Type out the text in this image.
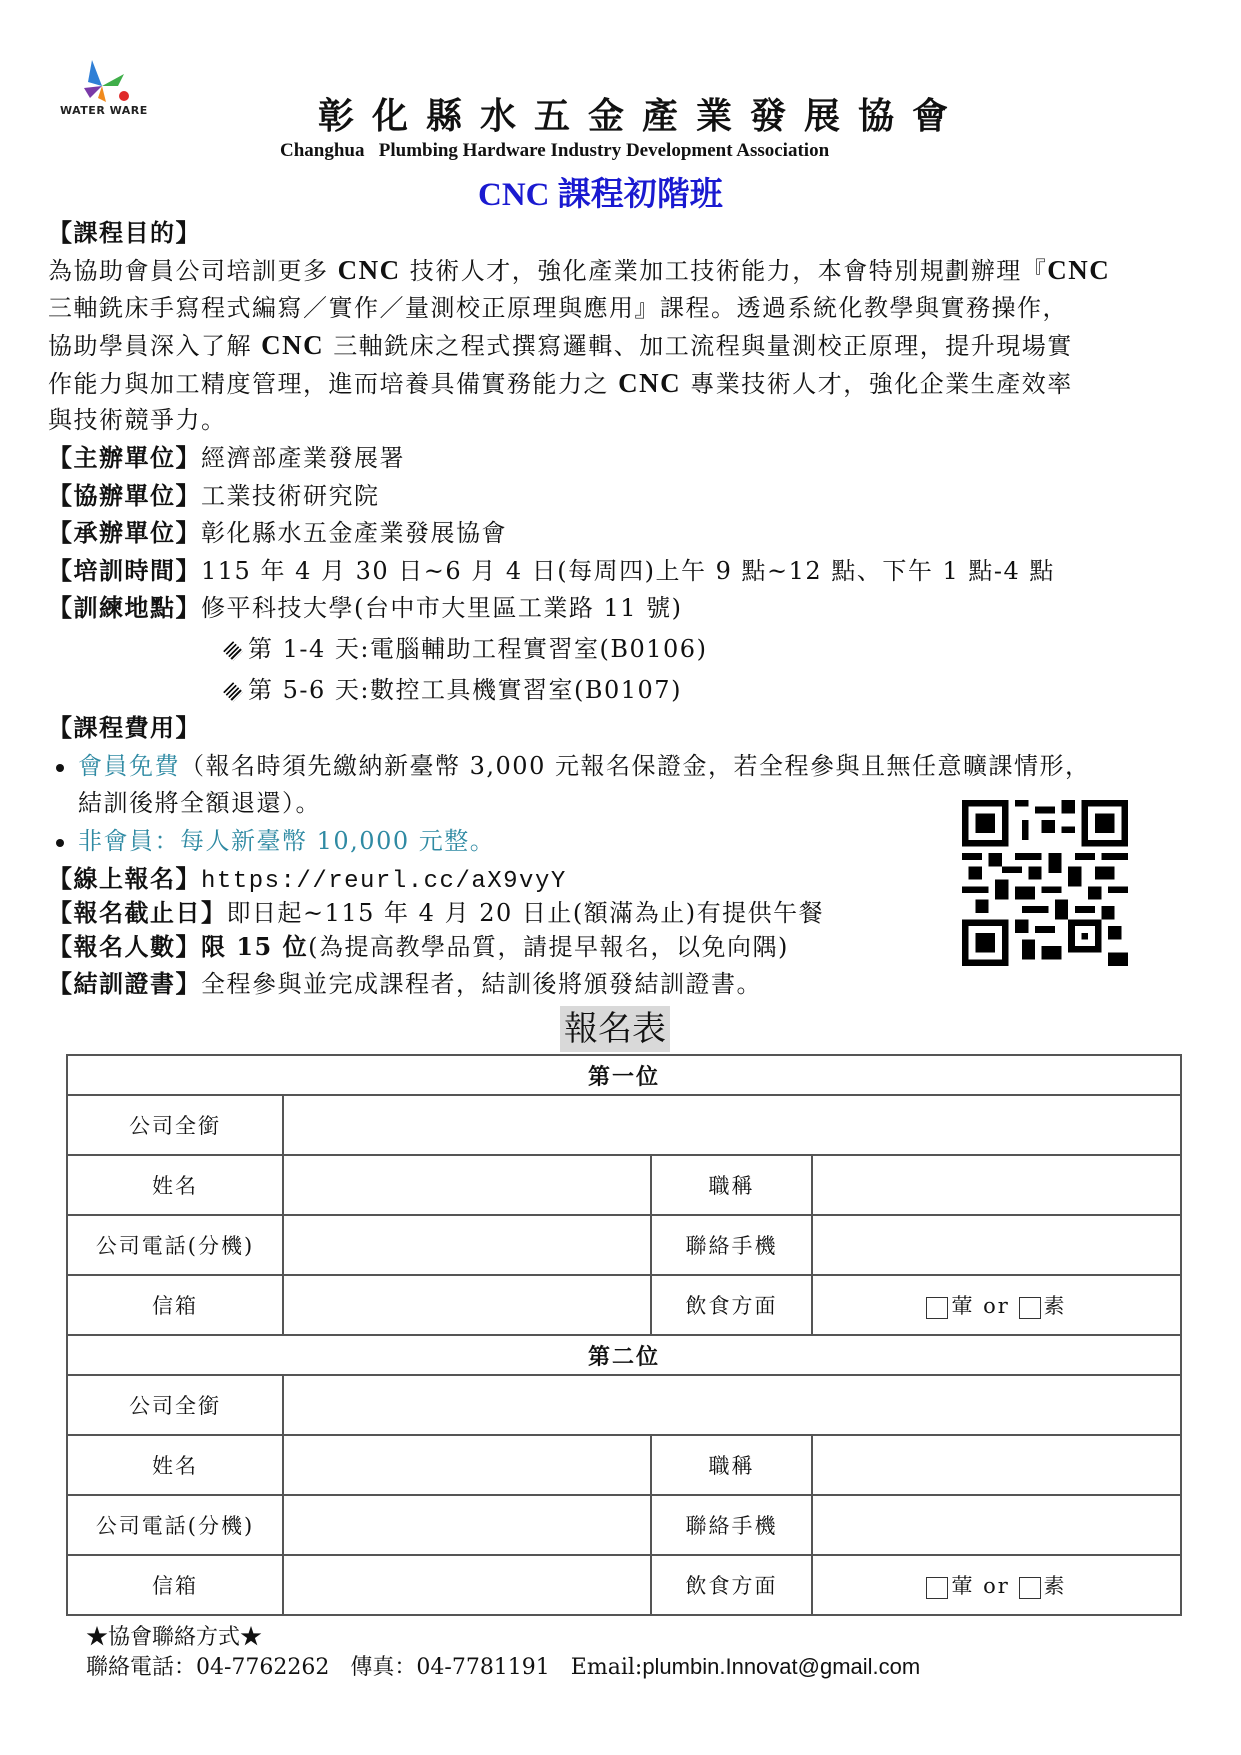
WATER WARE	彰化縣水五金產業發展協會
Changhua   Plumbing Hardware Industry Development Association
CNC 課程初階班
【課程目的】
為協助會員公司培訓更多 CNC 技術人才，強化產業加工技術能力，本會特別規劃辦理『CNC
三軸銑床手寫程式編寫／實作／量測校正原理與應用』課程。透過系統化教學與實務操作，
協助學員深入了解 CNC 三軸銑床之程式撰寫邏輯、加工流程與量測校正原理，提升現場實
作能力與加工精度管理，進而培養具備實務能力之 CNC 專業技術人才，強化企業生產效率
與技術競爭力。
【主辦單位】經濟部產業發展署
【協辦單位】工業技術研究院
【承辦單位】彰化縣水五金產業發展協會
【培訓時間】115 年 4 月 30 日~6 月 4 日(每周四)上午 9 點~12 點、下午 1 點-4 點
【訓練地點】修平科技大學(台中市大里區工業路 11 號)
第 1-4 天:電腦輔助工程實習室(B0106)
第 5-6 天:數控工具機實習室(B0107)
【課程費用】
會員免費（報名時須先繳納新臺幣 3,000 元報名保證金，若全程參與且無任意曠課情形，
結訓後將全額退還）。
非會員：每人新臺幣 10,000 元整。
【線上報名】https://reurl.cc/aX9vyY
【報名截止日】即日起~115 年 4 月 20 日止(額滿為止)有提供午餐
【報名人數】限 15 位(為提高教學品質，請提早報名，以免向隅)
【結訓證書】全程參與並完成課程者，結訓後將頒發結訓證書。
報名表
第一位			
公司全銜			
姓名		職稱	
公司電話(分機)		聯絡手機	
信箱		飲食方面	葷 or 素
第二位			
公司全銜			
姓名		職稱	
公司電話(分機)		聯絡手機	
信箱		飲食方面	葷 or 素
★協會聯絡方式★
聯絡電話：04-7762262   傳真：04-7781191   Email:plumbin.Innovat@gmail.com
